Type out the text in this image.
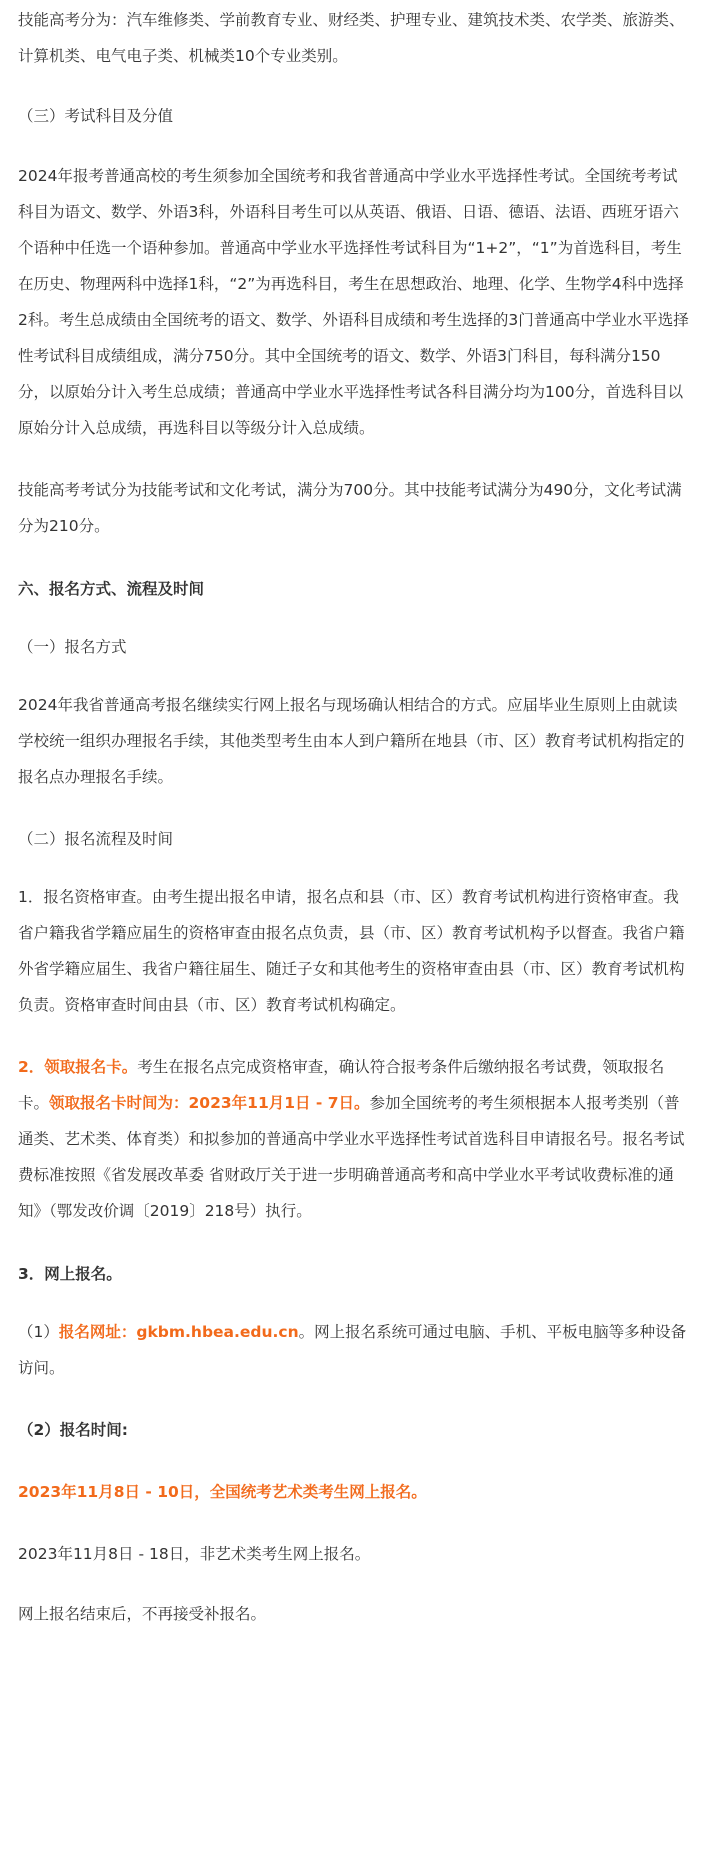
技能高考分为：汽车维修类、学前教育专业、财经类、护理专业、建筑技术类、农学类、旅游类、计算机类、电气电子类、机械类10个专业类别。

（三）考试科目及分值

2024年报考普通高校的考生须参加全国统考和我省普通高中学业水平选择性考试。全国统考考试科目为语文、数学、外语3科，外语科目考生可以从英语、俄语、日语、德语、法语、西班牙语六个语种中任选一个语种参加。普通高中学业水平选择性考试科目为“1+2”，“1”为首选科目，考生在历史、物理两科中选择1科，“2”为再选科目，考生在思想政治、地理、化学、生物学4科中选择2科。考生总成绩由全国统考的语文、数学、外语科目成绩和考生选择的3门普通高中学业水平选择性考试科目成绩组成，满分750分。其中全国统考的语文、数学、外语3门科目，每科满分150分，以原始分计入考生总成绩；普通高中学业水平选择性考试各科目满分均为100分，首选科目以原始分计入总成绩，再选科目以等级分计入总成绩。

技能高考考试分为技能考试和文化考试，满分为700分。其中技能考试满分为490分，文化考试满分为210分。

六、报名方式、流程及时间

（一）报名方式

2024年我省普通高考报名继续实行网上报名与现场确认相结合的方式。应届毕业生原则上由就读学校统一组织办理报名手续，其他类型考生由本人到户籍所在地县（市、区）教育考试机构指定的报名点办理报名手续。

（二）报名流程及时间

1．报名资格审查。由考生提出报名申请，报名点和县（市、区）教育考试机构进行资格审查。我省户籍我省学籍应届生的资格审查由报名点负责，县（市、区）教育考试机构予以督查。我省户籍外省学籍应届生、我省户籍往届生、随迁子女和其他考生的资格审查由县（市、区）教育考试机构负责。资格审查时间由县（市、区）教育考试机构确定。

2．领取报名卡。考生在报名点完成资格审查，确认符合报考条件后缴纳报名考试费，领取报名卡。领取报名卡时间为：2023年11月1日 - 7日。参加全国统考的考生须根据本人报考类别（普通类、艺术类、体育类）和拟参加的普通高中学业水平选择性考试首选科目申请报名号。报名考试费标准按照《省发展改革委 省财政厅关于进一步明确普通高考和高中学业水平考试收费标准的通知》（鄂发改价调〔2019〕218号）执行。

3．网上报名。

（1）报名网址：gkbm.hbea.edu.cn。网上报名系统可通过电脑、手机、平板电脑等多种设备访问。

（2）报名时间:

2023年11月8日 - 10日，全国统考艺术类考生网上报名。

2023年11月8日 - 18日，非艺术类考生网上报名。

网上报名结束后，不再接受补报名。
